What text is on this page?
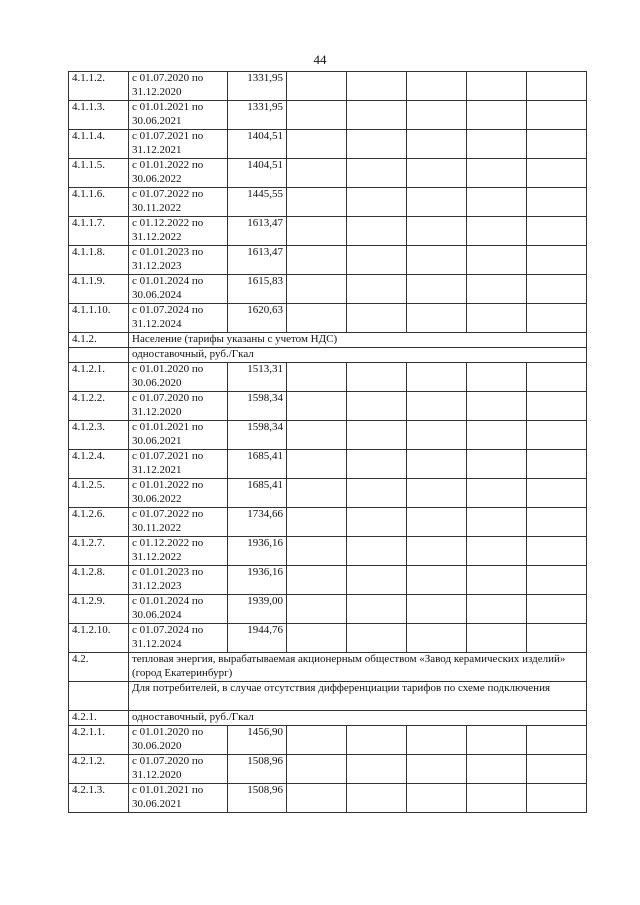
44
4.1.1.2.	с 01.07.2020 по 31.12.2020	1331,95					
4.1.1.3.	с 01.01.2021 по 30.06.2021	1331,95					
4.1.1.4.	с 01.07.2021 по 31.12.2021	1404,51					
4.1.1.5.	с 01.01.2022 по 30.06.2022	1404,51					
4.1.1.6.	с 01.07.2022 по 30.11.2022	1445,55					
4.1.1.7.	с 01.12.2022 по 31.12.2022	1613,47					
4.1.1.8.	с 01.01.2023 по 31.12.2023	1613,47					
4.1.1.9.	с 01.01.2024 по 30.06.2024	1615,83					
4.1.1.10.	с 01.07.2024 по 31.12.2024	1620,63					
4.1.2.	Население (тарифы указаны с учетом НДС)						
	одноставочный, руб./Гкал						
4.1.2.1.	с 01.01.2020 по 30.06.2020	1513,31					
4.1.2.2.	с 01.07.2020 по 31.12.2020	1598,34					
4.1.2.3.	с 01.01.2021 по 30.06.2021	1598,34					
4.1.2.4.	с 01.07.2021 по 31.12.2021	1685,41					
4.1.2.5.	с 01.01.2022 по 30.06.2022	1685,41					
4.1.2.6.	с 01.07.2022 по 30.11.2022	1734,66					
4.1.2.7.	с 01.12.2022 по 31.12.2022	1936,16					
4.1.2.8.	с 01.01.2023 по 31.12.2023	1936,16					
4.1.2.9.	с 01.01.2024 по 30.06.2024	1939,00					
4.1.2.10.	с 01.07.2024 по 31.12.2024	1944,76					
4.2.	тепловая энергия, вырабатываемая акционерным обществом «Завод керамических изделий» (город Екатеринбург)						
	Для потребителей, в случае отсутствия дифференциации тарифов по схеме подключения						
4.2.1.	одноставочный, руб./Гкал						
4.2.1.1.	с 01.01.2020 по 30.06.2020	1456,90					
4.2.1.2.	с 01.07.2020 по 31.12.2020	1508,96					
4.2.1.3.	с 01.01.2021 по 30.06.2021	1508,96					
